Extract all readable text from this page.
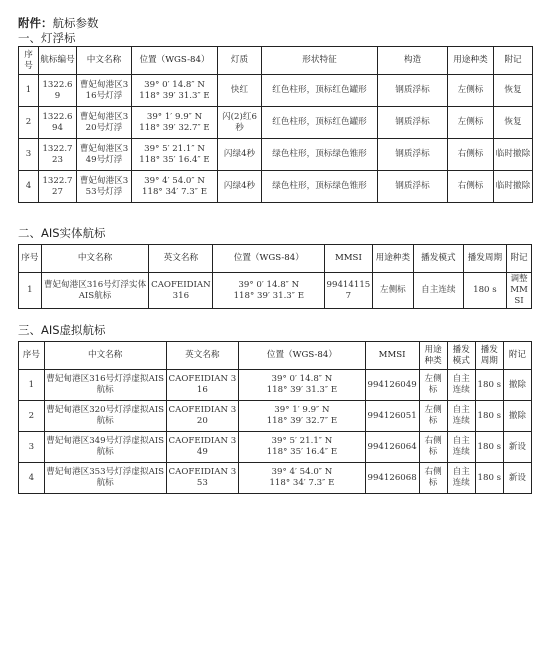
附件：航标参数
一、灯浮标
序号	航标编号	中文名称	位置（WGS-84）	灯质	形状特征	构造	用途种类	附记
1	1322.69	曹妃甸港区316号灯浮	39° 0′ 14.8″ N
118° 39′ 31.3″ E	快红	红色柱形，顶标红色罐形	钢质浮标	左侧标	恢复
2	1322.694	曹妃甸港区320号灯浮	39° 1′ 9.9″ N
118° 39′ 32.7″ E	闪(2)红6秒	红色柱形，顶标红色罐形	钢质浮标	左侧标	恢复
3	1322.723	曹妃甸港区349号灯浮	39° 5′ 21.1″ N
118° 35′ 16.4″ E	闪绿4秒	绿色柱形，顶标绿色锥形	钢质浮标	右侧标	临时撤除
4	1322.727	曹妃甸港区353号灯浮	39° 4′ 54.0″ N
118° 34′ 7.3″ E	闪绿4秒	绿色柱形，顶标绿色锥形	钢质浮标	右侧标	临时撤除
二、AIS实体航标
序号	中文名称	英文名称	位置（WGS-84）	MMSI	用途种类	播发模式	播发周期	附记
1	曹妃甸港区316号灯浮实体AIS航标	CAOFEIDIAN 316	39° 0′ 14.8″ N
118° 39′ 31.3″ E	994141157	左侧标	自主连续	180 s	调整MMSI
三、AIS虚拟航标
序号	中文名称	英文名称	位置（WGS-84）	MMSI	用途种类	播发模式	播发周期	附记
1	曹妃甸港区316号灯浮虚拟AIS航标	CAOFEIDIAN 316	39° 0′ 14.8″ N
118° 39′ 31.3″ E	994126049	左侧标	自主连续	180 s	撤除
2	曹妃甸港区320号灯浮虚拟AIS航标	CAOFEIDIAN 320	39° 1′ 9.9″ N
118° 39′ 32.7″ E	994126051	左侧标	自主连续	180 s	撤除
3	曹妃甸港区349号灯浮虚拟AIS航标	CAOFEIDIAN 349	39° 5′ 21.1″ N
118° 35′ 16.4″ E	994126064	右侧标	自主连续	180 s	新设
4	曹妃甸港区353号灯浮虚拟AIS航标	CAOFEIDIAN 353	39° 4′ 54.0″ N
118° 34′ 7.3″ E	994126068	右侧标	自主连续	180 s	新设
